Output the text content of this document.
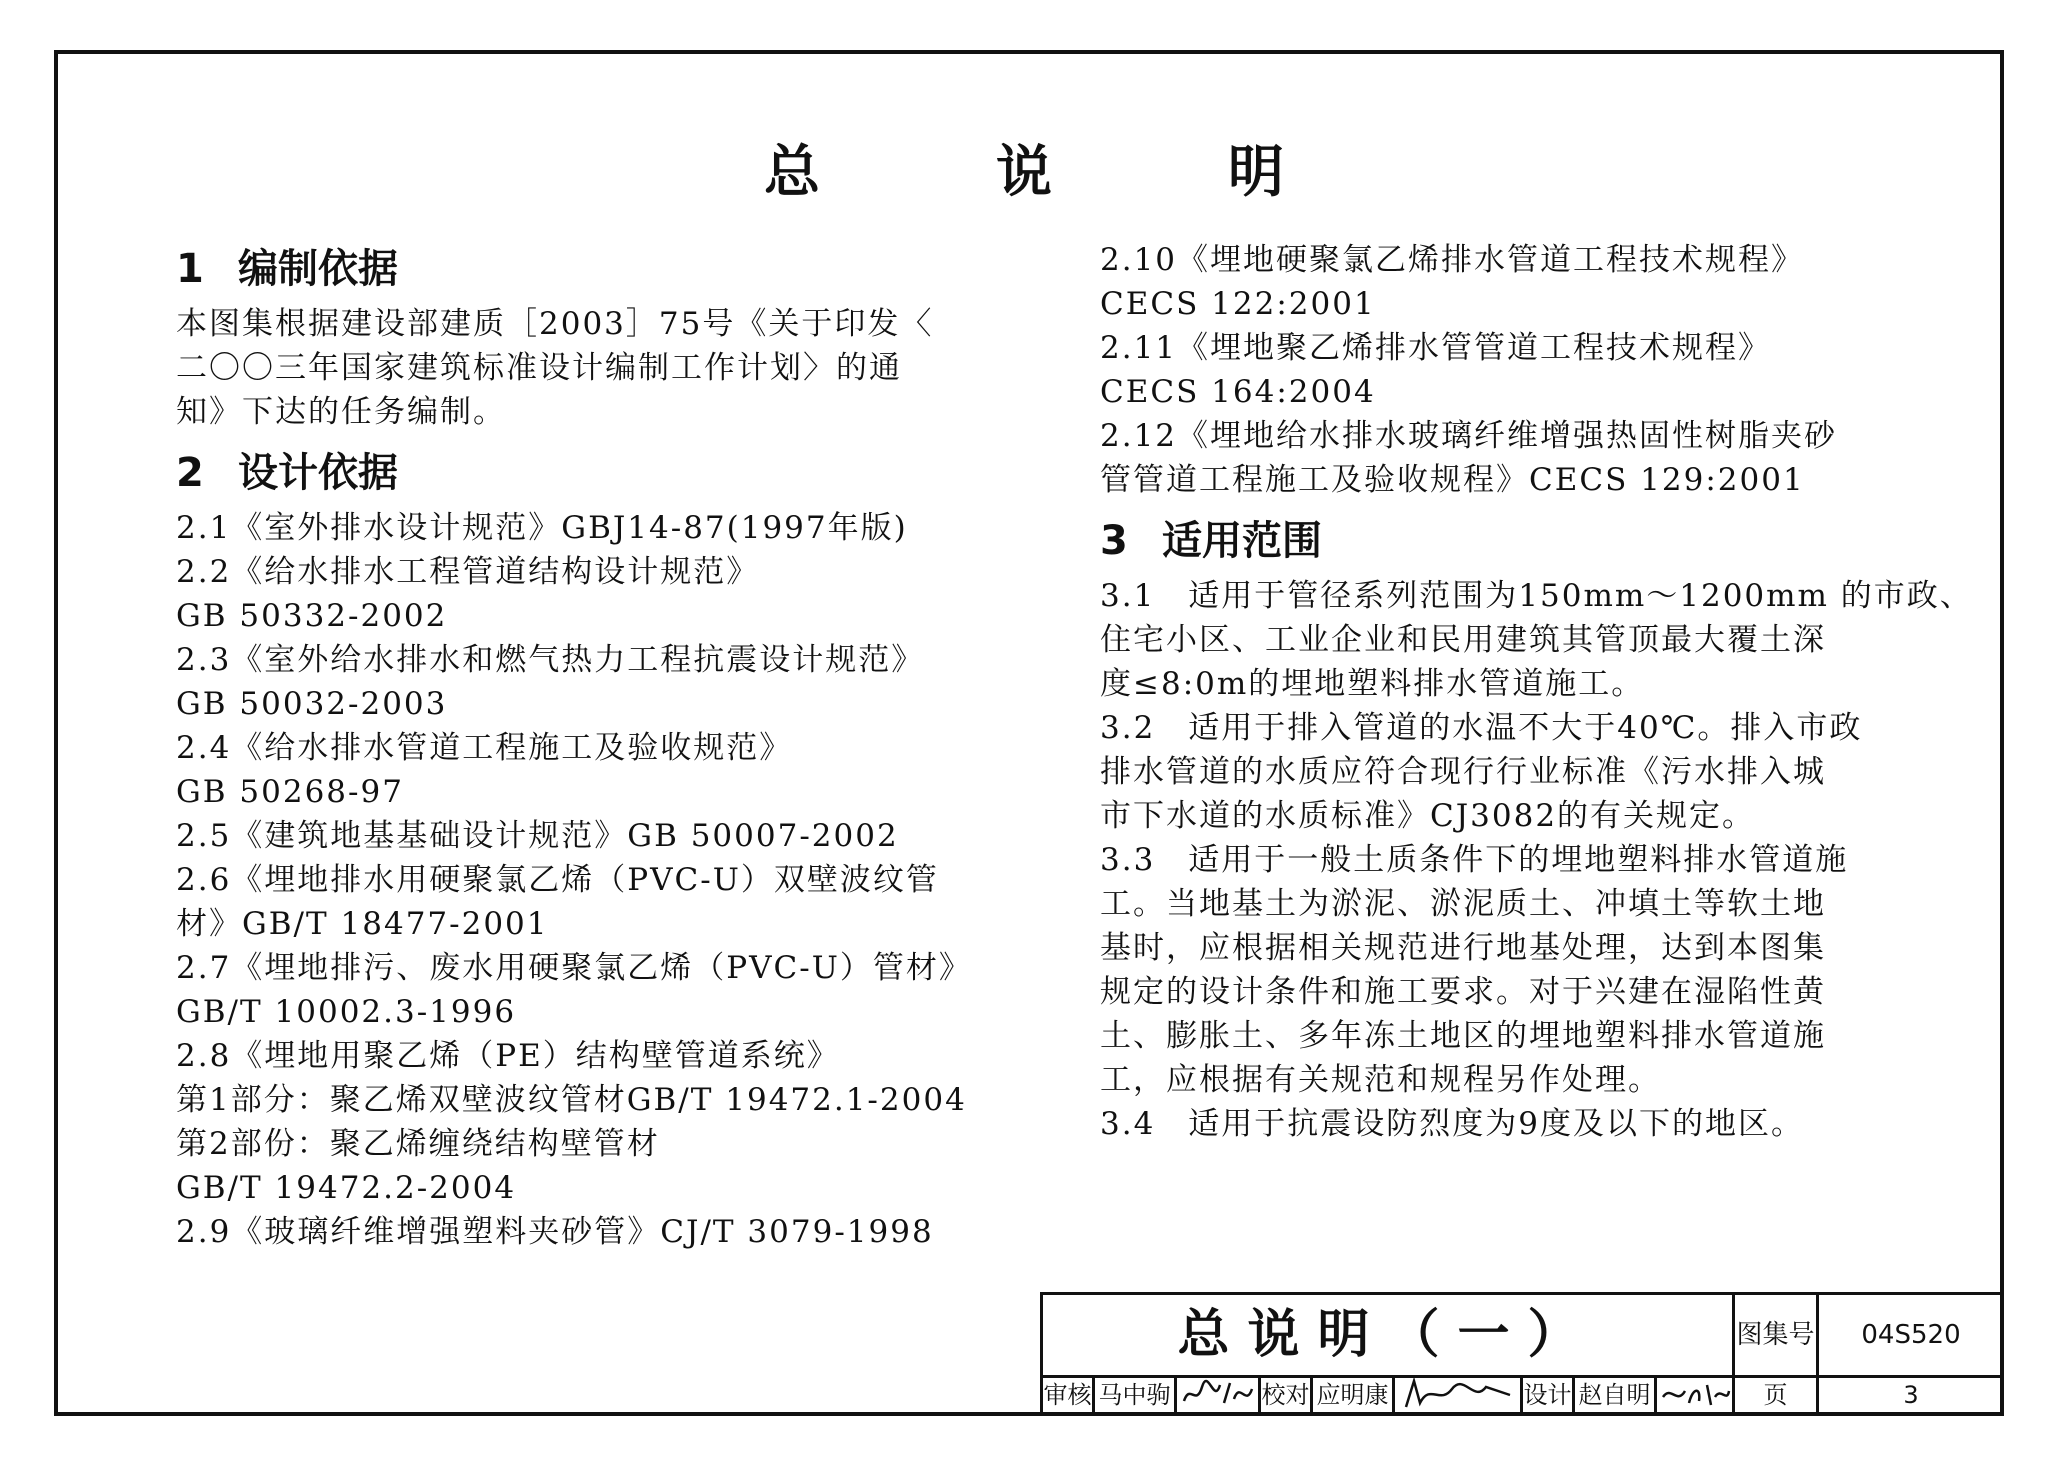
总　说　明
1 编制依据
本图集根据建设部建质［2003］75号《关于印发〈
二〇〇三年国家建筑标准设计编制工作计划〉的通
知》下达的任务编制。
2 设计依据
2.1《室外排水设计规范》GBJ14-87(1997年版)
2.2《给水排水工程管道结构设计规范》
GB 50332-2002
2.3《室外给水排水和燃气热力工程抗震设计规范》
GB 50032-2003
2.4《给水排水管道工程施工及验收规范》
GB 50268-97
2.5《建筑地基基础设计规范》GB 50007-2002
2.6《埋地排水用硬聚氯乙烯（PVC-U）双壁波纹管
材》GB/T 18477-2001
2.7《埋地排污、废水用硬聚氯乙烯（PVC-U）管材》
GB/T 10002.3-1996
2.8《埋地用聚乙烯（PE）结构壁管道系统》
第1部分：聚乙烯双壁波纹管材GB/T 19472.1-2004
第2部份：聚乙烯缠绕结构壁管材
GB/T 19472.2-2004
2.9《玻璃纤维增强塑料夹砂管》CJ/T 3079-1998
2.10《埋地硬聚氯乙烯排水管道工程技术规程》
CECS 122:2001
2.11《埋地聚乙烯排水管管道工程技术规程》
CECS 164:2004
2.12《埋地给水排水玻璃纤维增强热固性树脂夹砂
管管道工程施工及验收规程》CECS 129:2001
3 适用范围
3.1　适用于管径系列范围为150mm～1200mm 的市政、
住宅小区、工业企业和民用建筑其管顶最大覆土深
度≤8:0m的埋地塑料排水管道施工。
3.2　适用于排入管道的水温不大于40℃。排入市政
排水管道的水质应符合现行行业标准《污水排入城
市下水道的水质标准》CJ3082的有关规定。
3.3　适用于一般土质条件下的埋地塑料排水管道施
工。当地基土为淤泥、淤泥质土、冲填土等软土地
基时，应根据相关规范进行地基处理，达到本图集
规定的设计条件和施工要求。对于兴建在湿陷性黄
土、膨胀土、多年冻土地区的埋地塑料排水管道施
工，应根据有关规范和规程另作处理。
3.4　适用于抗震设防烈度为9度及以下的地区。
总说明（一）	图集号	04S520
审核 马中驹	校对 应明康	设计 赵自明	页	3
